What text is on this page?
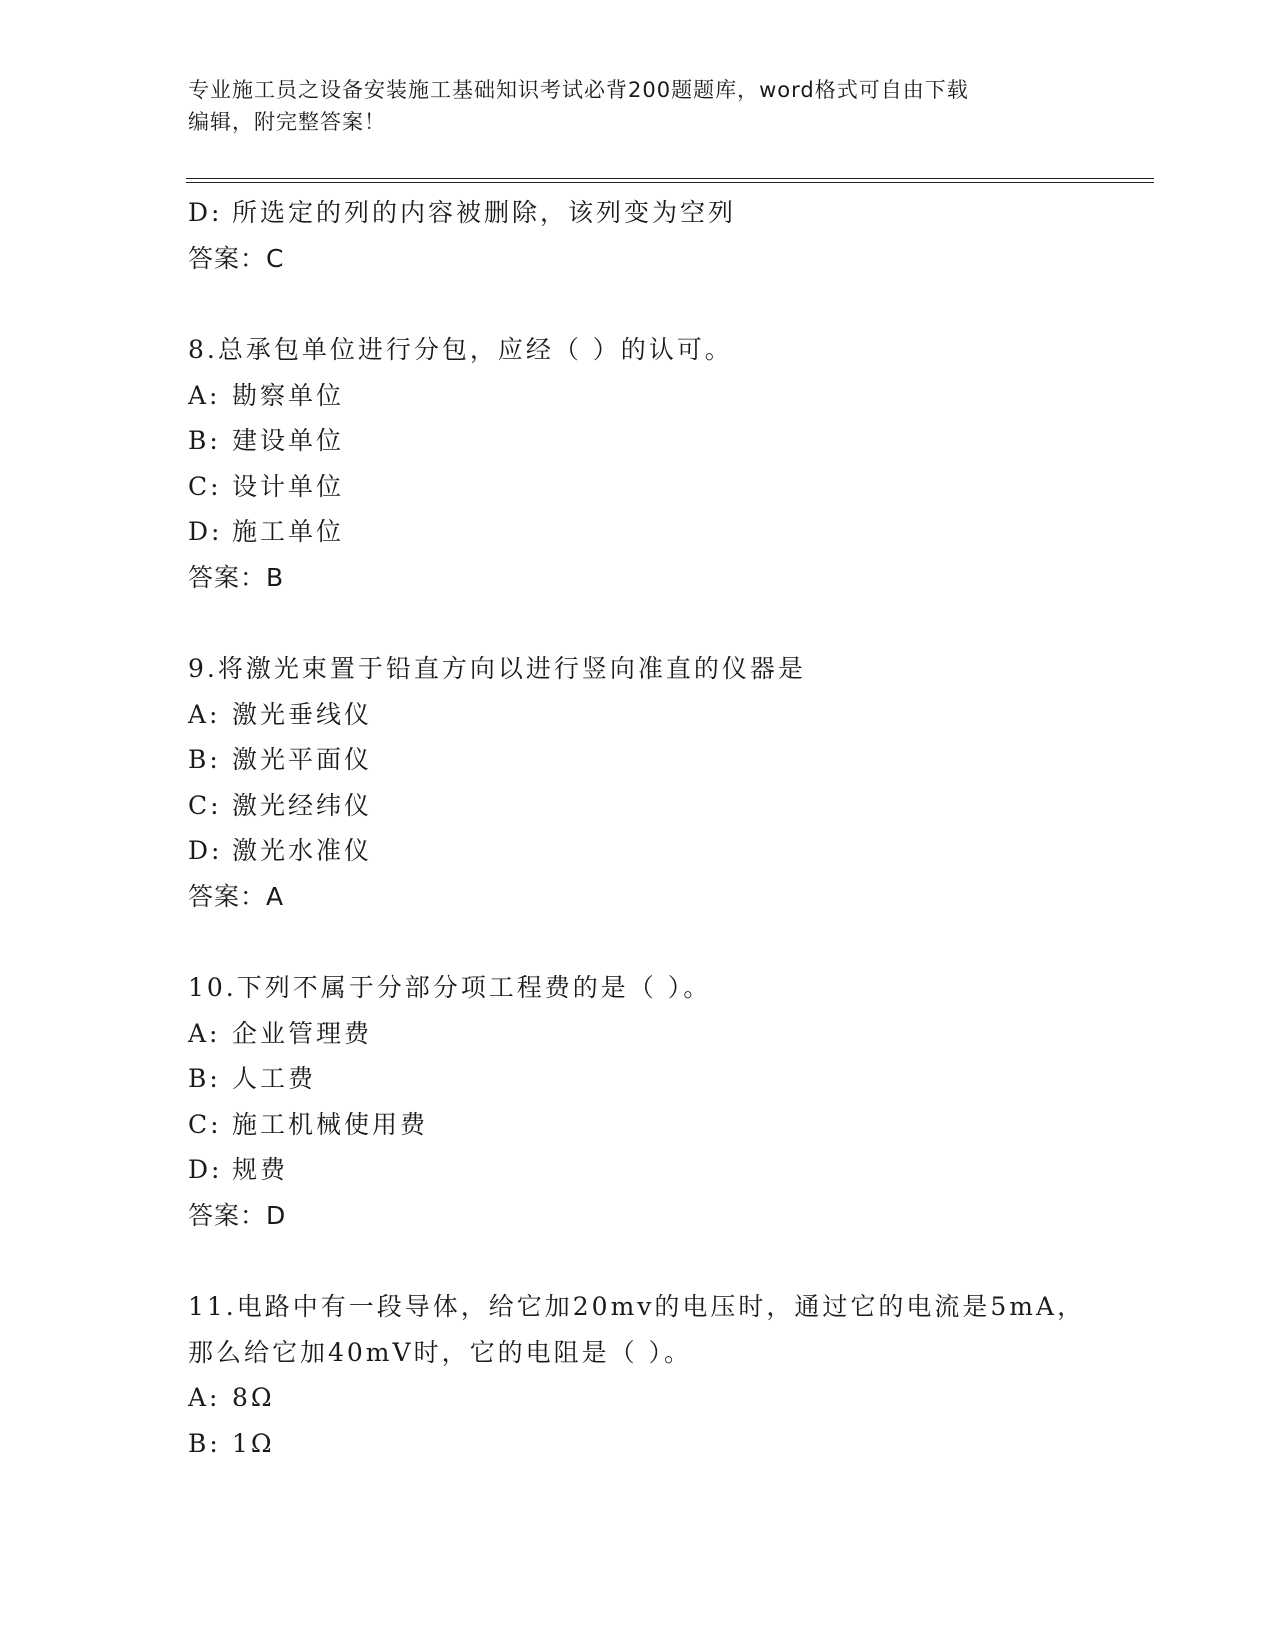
专业施工员之设备安装施工基础知识考试必背200题题库，word格式可自由下载
编辑，附完整答案！
D: 所选定的列的内容被删除，该列变为空列
答案：C
8.总承包单位进行分包，应经（ ）的认可。
A: 勘察单位
B: 建设单位
C: 设计单位
D: 施工单位
答案：B
9.将激光束置于铅直方向以进行竖向准直的仪器是
A: 激光垂线仪
B: 激光平面仪
C: 激光经纬仪
D: 激光水准仪
答案：A
10.下列不属于分部分项工程费的是（ ）。
A: 企业管理费
B: 人工费
C: 施工机械使用费
D: 规费
答案：D
11.电路中有一段导体，给它加20mv的电压时，通过它的电流是5mA，
那么给它加40mV时，它的电阻是（ ）。
A: 8Ω
B: 1Ω
